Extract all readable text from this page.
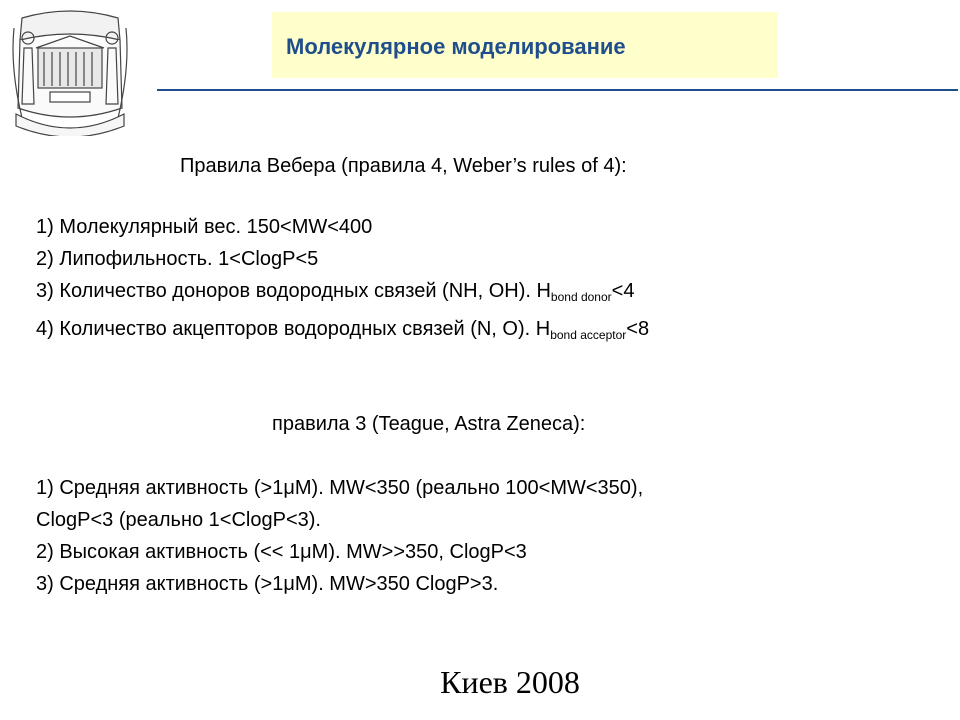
Молекулярное моделирование
Правила Вебера (правила 4, Weber’s rules of 4):
1) Молекулярный вес. 150<MW<400
2) Липофильность. 1<ClogP<5
3) Количество доноров водородных связей (NH, OH). $H_{bond donor}<4$
4) Количество акцепторов водородных связей (N, O). $H_{bond acceptor}<8$
правила 3 (Teague, Astra Zeneca):
1) Средняя активность (>1μM). MW<350 (реально 100<MW<350),
ClogP<3 (реально 1<ClogP<3).
2) Высокая активность (<< 1μM). MW>>350, ClogP<3
3) Средняя активность (>1μM). MW>350 ClogP>3.
Киев 2008
